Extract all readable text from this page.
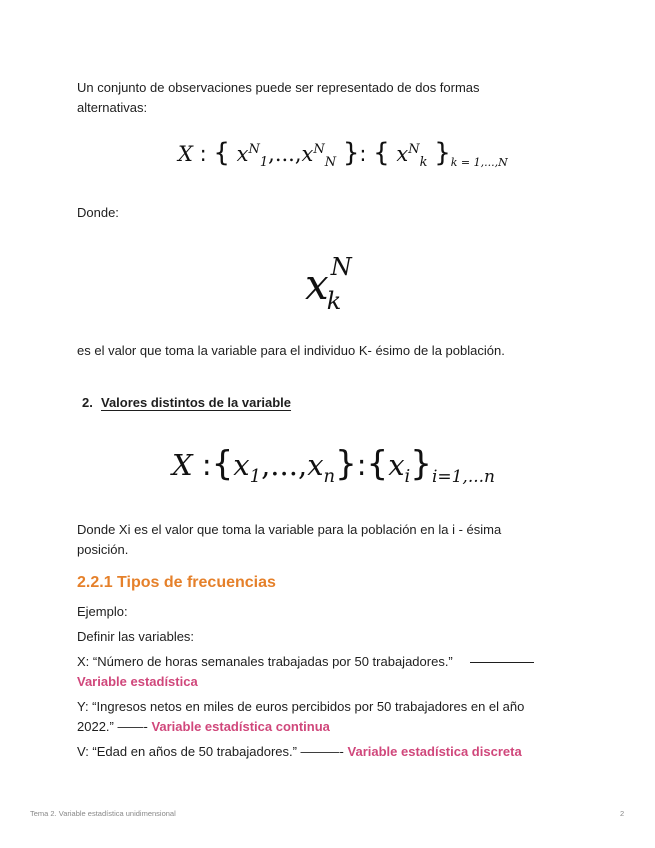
Un conjunto de observaciones puede ser representado de dos formas
alternativas:
X : { $x^N_1,...,x^N_N$ }: { $x^N_k$ }$_{k = 1,...,N}$
Donde:
x N
k
es el valor que toma la variable para el individuo K- ésimo de la población.
2. Valores distintos de la variable
X $:\{x_1,...,x_n\}:\{x_i\}_{i=1,...n}$
Donde Xi es el valor que toma la variable para la población en la i - ésima
posición.
2.2.1 Tipos de frecuencias
Ejemplo:
Definir las variables:
X: “Número de horas semanales trabajadas por 50 trabajadores.”
Variable estadística
Y: “Ingresos netos en miles de euros percibidos por 50 trabajadores en el año
2022.” ——- Variable estadística continua
V: “Edad en años de 50 trabajadores.” ———- Variable estadística discreta
Tema 2. Variable estadística unidimensional	2
